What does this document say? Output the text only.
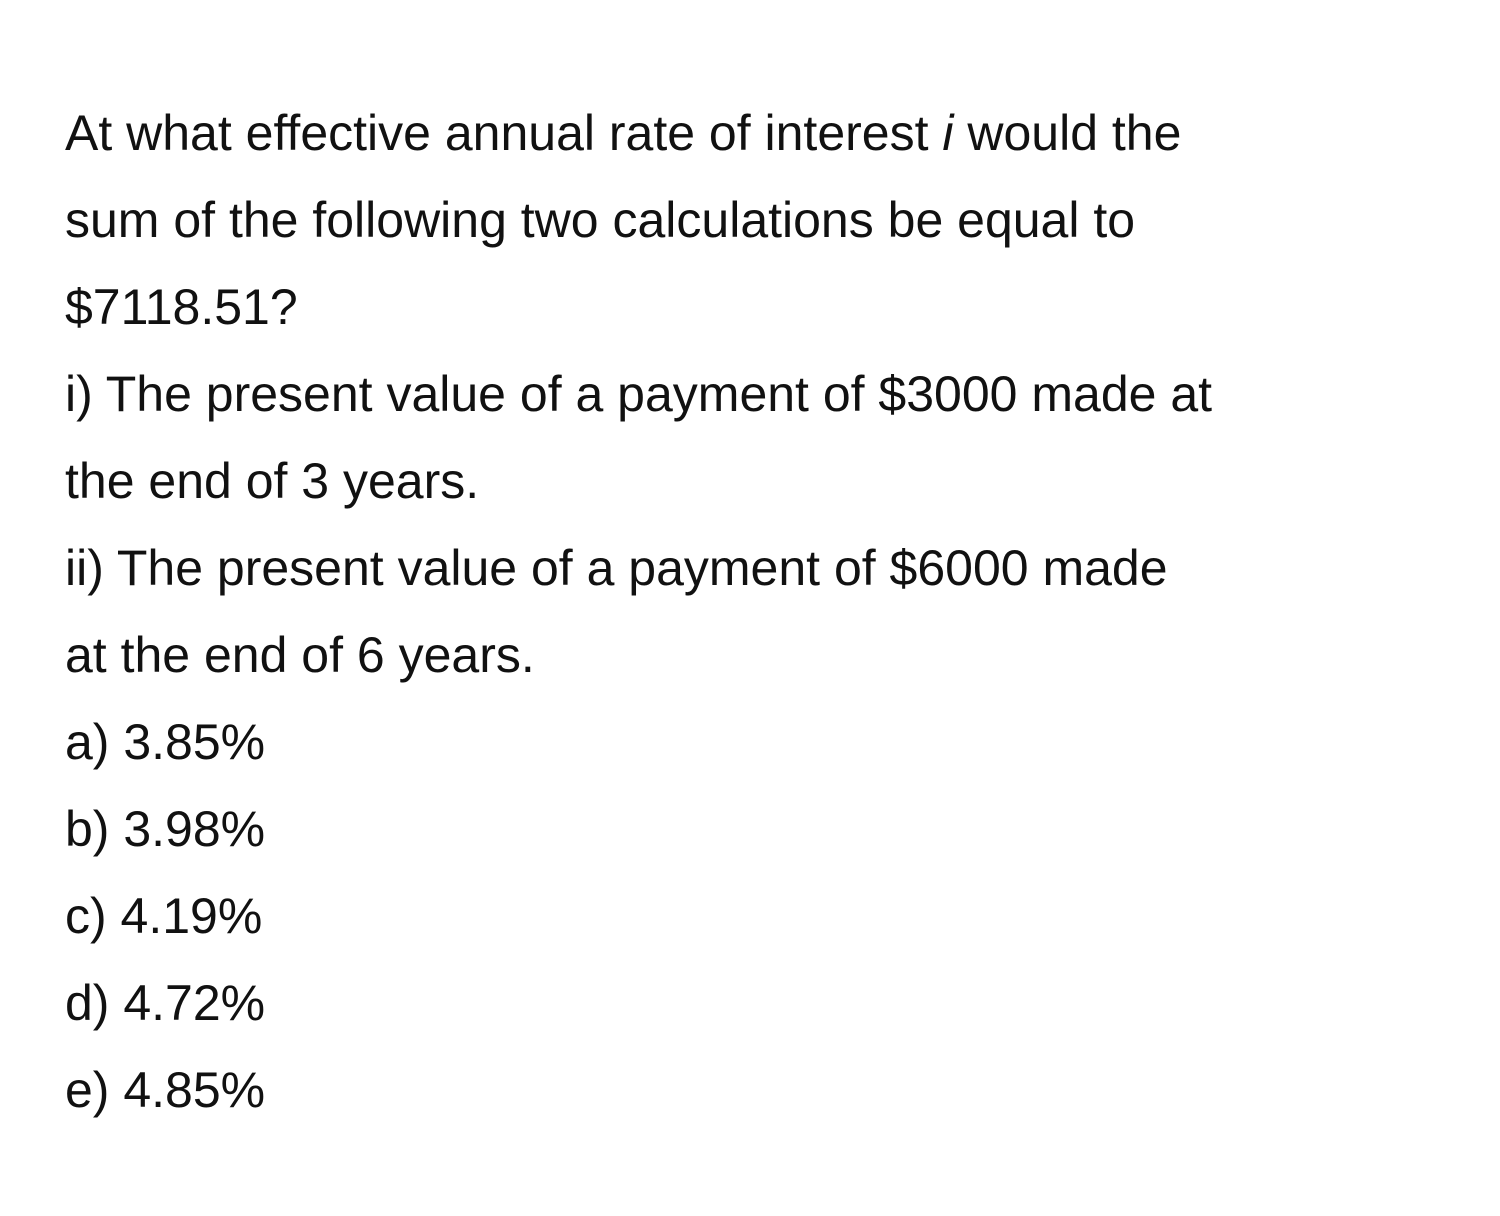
At what effective annual rate of interest i would the
sum of the following two calculations be equal to
$7118.51?
i) The present value of a payment of $3000 made at
the end of 3 years.
ii) The present value of a payment of $6000 made
at the end of 6 years.
a) 3.85%
b) 3.98%
c) 4.19%
d) 4.72%
e) 4.85%
